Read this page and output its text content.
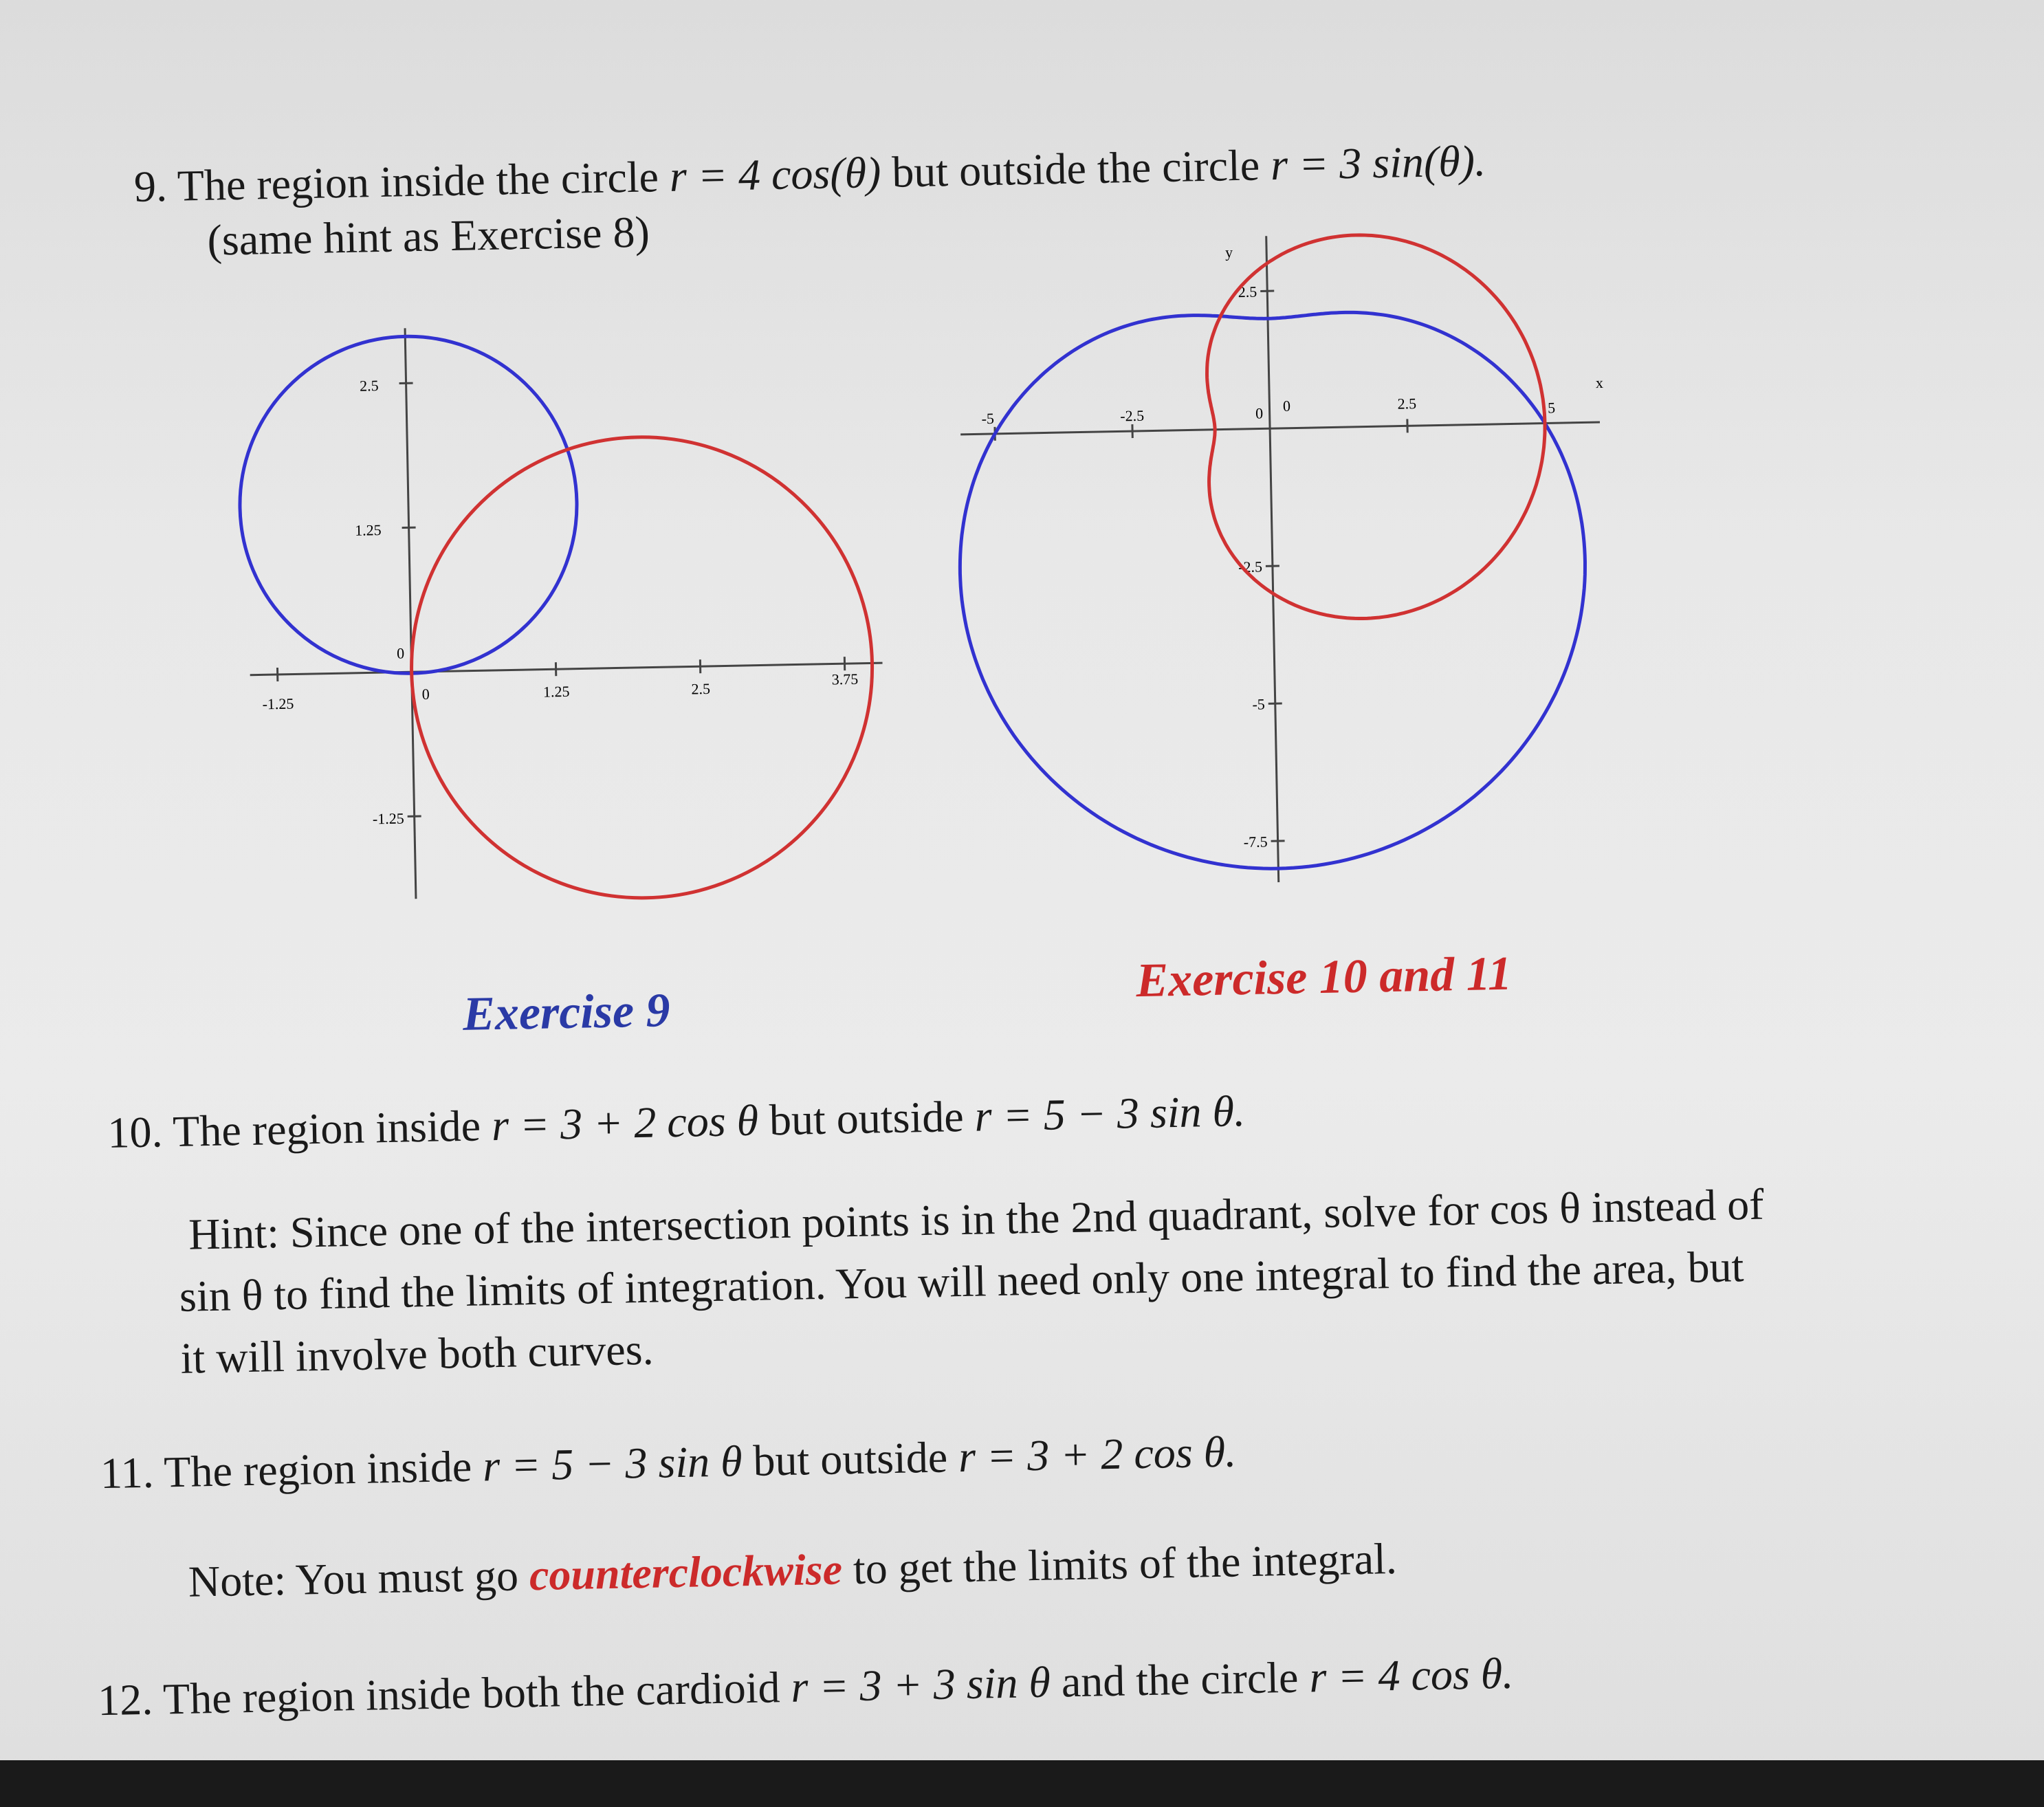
9. The region inside the circle r = 4 cos(θ) but outside the circle r = 3 sin(θ).
(same hint as Exercise 8)
2.5
1.25
0
-1.25
-1.25
0	1.25	2.5
3.75
x
y
2.5
-2.5
-5
-7.5
-5	-2.5	0 0	2.5	5
Exercise 9
Exercise 10 and 11
10. The region inside r = 3 + 2 cos θ but outside r = 5 − 3 sin θ.
Hint: Since one of the intersection points is in the 2nd quadrant, solve for cos θ instead of
sin θ to find the limits of integration. You will need only one integral to find the area, but
it will involve both curves.
11. The region inside r = 5 − 3 sin θ but outside r = 3 + 2 cos θ.
Note: You must go counterclockwise to get the limits of the integral.
12. The region inside both the cardioid r = 3 + 3 sin θ and the circle r = 4 cos θ.
